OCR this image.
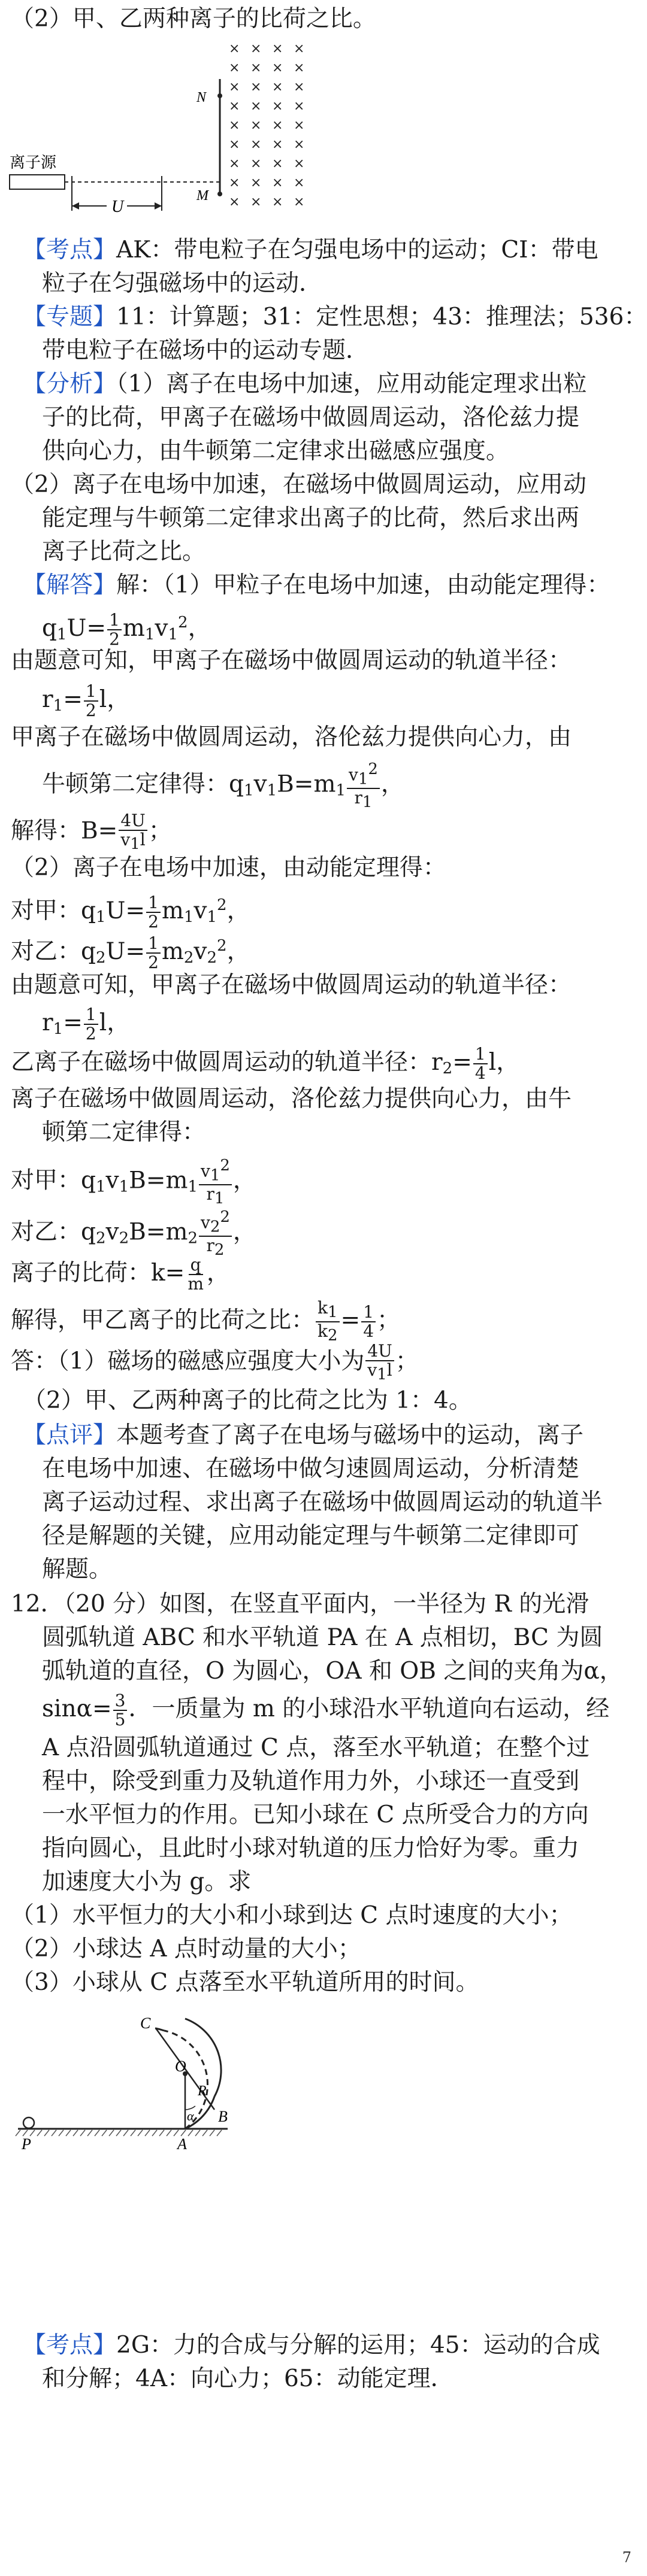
（2）甲、乙两种离子的比荷之比。
× × × ×
× × × ×
× × × ×
× × × ×
× × × ×
× × × ×
× × × ×
× × × ×
× × × ×
N
M
离子源
U
【考点】AK：带电粒子在匀强电场中的运动；CI：带电
粒子在匀强磁场中的运动．
【专题】11：计算题；31：定性思想；43：推理法；536：
带电粒子在磁场中的运动专题．
【分析】（1）离子在电场中加速，应用动能定理求出粒
子的比荷，甲离子在磁场中做圆周运动，洛伦兹力提
供向心力，由牛顿第二定律求出磁感应强度。
（2）离子在电场中加速，在磁场中做圆周运动，应用动
能定理与牛顿第二定律求出离子的比荷，然后求出两
离子比荷之比。
【解答】解：（1）甲粒子在电场中加速，由动能定理得：
$q_1U= \frac{1}{2} m_1v_1^2$，
由题意可知，甲离子在磁场中做圆周运动的轨道半径：
$r_1= \frac{1}{2}$ l，
甲离子在磁场中做圆周运动，洛伦兹力提供向心力，由
牛顿第二定律得：$q_1v_1B=m_1 \frac{v_1^2}{r_1}$ ，
解得：$B= \frac{4U}{v_1l}$ ；
（2）离子在电场中加速，由动能定理得：
对甲：$q_1U= \frac{1}{2} m_1v_1^2$，
对乙：$q_2U= \frac{1}{2} m_2v_2^2$，
由题意可知，甲离子在磁场中做圆周运动的轨道半径：
$r_1= \frac{1}{2}$ l，
乙离子在磁场中做圆周运动的轨道半径：$r_2= \frac{1}{4}$ l，
离子在磁场中做圆周运动，洛伦兹力提供向心力，由牛
顿第二定律得：
对甲：$q_1v_1B=m_1 \frac{v_1^2}{r_1}$ ，
对乙：$q_2v_2B=m_2 \frac{v_2^2}{r_2}$ ，
离子的比荷：$k= \frac{q}{m}$ ，
解得，甲乙离子的比荷之比： $\frac{k_1}{k_2} = \frac{1}{4}$ ；
答：（1）磁场的磁感应强度大小为 $\frac{4U}{v_1l}$ ；
（2）甲、乙两种离子的比荷之比为 1：4。
【点评】本题考查了离子在电场与磁场中的运动，离子
在电场中加速、在磁场中做匀速圆周运动，分析清楚
离子运动过程、求出离子在磁场中做圆周运动的轨道半
径是解题的关键，应用动能定理与牛顿第二定律即可
解题。
12．（20 分）如图，在竖直平面内，一半径为 R 的光滑
圆弧轨道 ABC 和水平轨道 PA 在 A 点相切，BC 为圆
弧轨道的直径，O 为圆心，OA 和 OB 之间的夹角为α，
$\sin\alpha= \frac{3}{5}$ ．一质量为 m 的小球沿水平轨道向右运动，经
A 点沿圆弧轨道通过 C 点，落至水平轨道；在整个过
程中，除受到重力及轨道作用力外，小球还一直受到
一水平恒力的作用。已知小球在 C 点所受合力的方向
指向圆心，且此时小球对轨道的压力恰好为零。重力
加速度大小为 g。求
（1）水平恒力的大小和小球到达 C 点时速度的大小；
（2）小球达 A 点时动量的大小；
（3）小球从 C 点落至水平轨道所用的时间。
C
O
R
α B
P	A
【考点】2G：力的合成与分解的运用；45：运动的合成
和分解；4A：向心力；65：动能定理．
7
